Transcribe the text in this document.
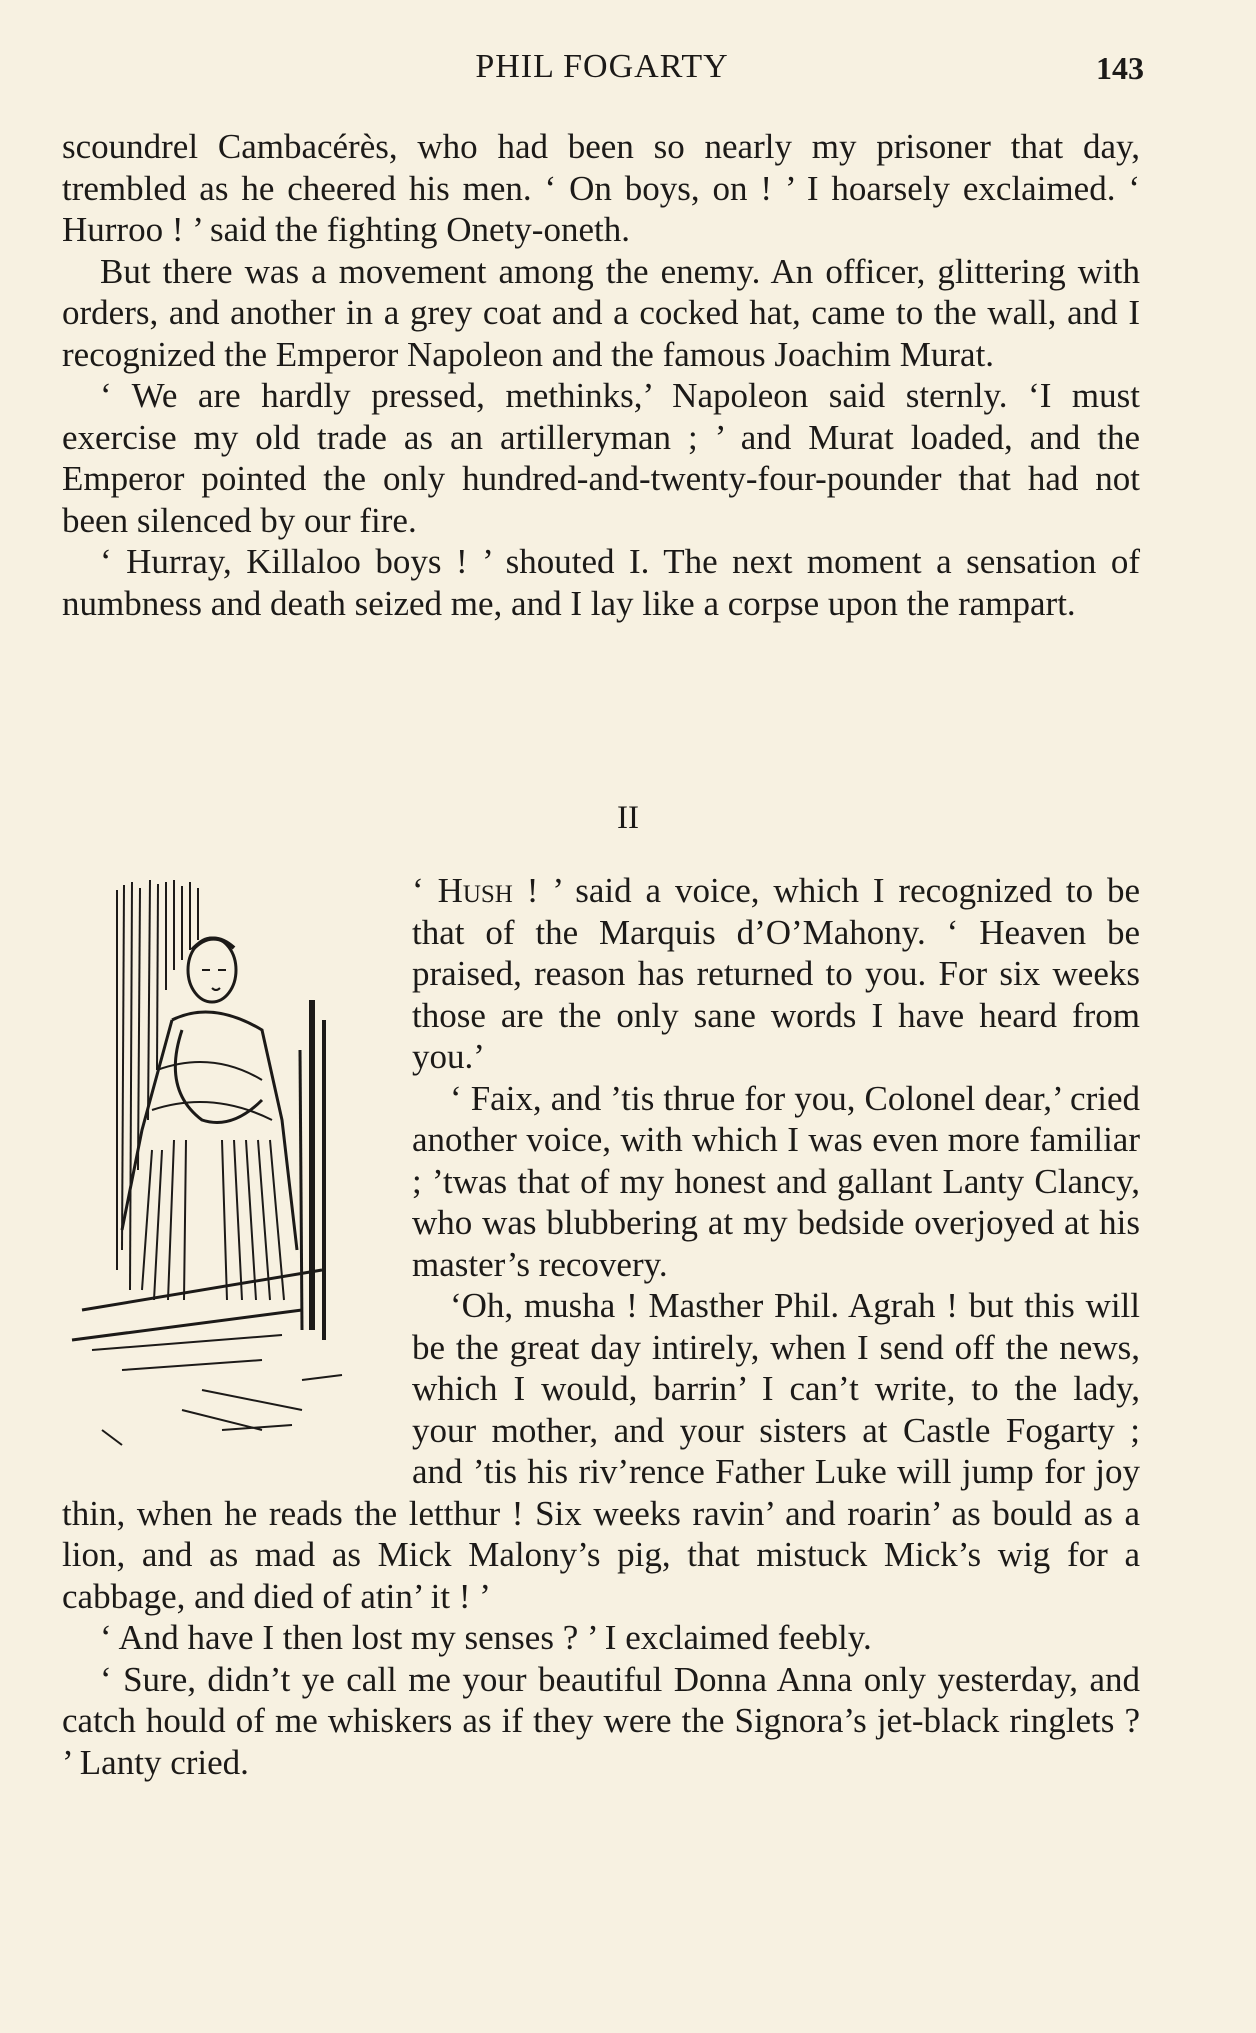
PHIL FOGARTY	143

scoundrel Cambacérès, who had been so nearly my prisoner that day, trembled as he cheered his men. ‘ On boys, on ! ’ I hoarsely exclaimed. ‘ Hurroo ! ’ said the fighting Onety-oneth.

But there was a movement among the enemy. An officer, glittering with orders, and another in a grey coat and a cocked hat, came to the wall, and I recognized the Emperor Napoleon and the famous Joachim Murat.

‘ We are hardly pressed, methinks,’ Napoleon said sternly. ‘I must exercise my old trade as an artilleryman ; ’ and Murat loaded, and the Emperor pointed the only hundred-and-twenty-four-pounder that had not been silenced by our fire.

‘ Hurray, Killaloo boys ! ’ shouted I. The next moment a sensation of numbness and death seized me, and I lay like a corpse upon the rampart.

II

‘ Hush ! ’ said a voice, which I recognized to be that of the Marquis d’O’Mahony. ‘ Heaven be praised, reason has returned to you. For six weeks those are the only sane words I have heard from you.’

‘ Faix, and ’tis thrue for you, Colonel dear,’ cried another voice, with which I was even more familiar ; ’twas that of my honest and gallant Lanty Clancy, who was blubbering at my bedside overjoyed at his master’s recovery.

‘Oh, musha ! Masther Phil. Agrah ! but this will be the great day intirely, when I send off the news, which I would, barrin’ I can’t write, to the lady, your mother, and your sisters at Castle Fogarty ; and ’tis his riv’rence Father Luke will jump for joy thin, when he reads the letthur ! Six weeks ravin’ and roarin’ as bould as a lion, and as mad as Mick Malony’s pig, that mistuck Mick’s wig for a cabbage, and died of atin’ it ! ’

‘ And have I then lost my senses ? ’ I exclaimed feebly.

‘ Sure, didn’t ye call me your beautiful Donna Anna only yesterday, and catch hould of me whiskers as if they were the Signora’s jet-black ringlets ? ’ Lanty cried.
